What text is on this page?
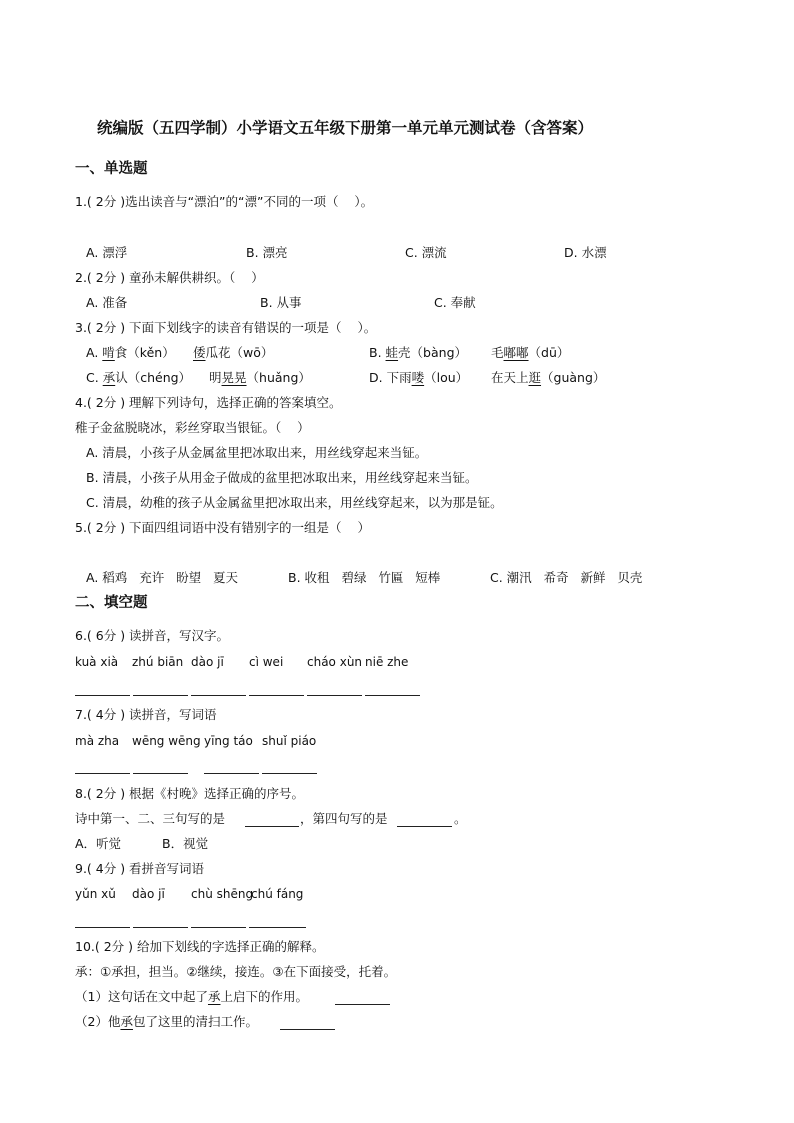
统编版（五四学制）小学语文五年级下册第一单元单元测试卷（含答案）
一、单选题
1.( 2分 )选出读音与“漂泊”的“漂”不同的一项（    ）。
A. 漂浮	B. 漂亮	C. 漂流	D. 水漂
2.( 2分 ) 童孙未解供耕织。（    ）
A. 准备	B. 从事	C. 奉献
3.( 2分 ) 下面下划线字的读音有错误的一项是（    ）。
A. 啃食（kěn） 倭瓜花（wō）	B. 蛙壳（bàng） 毛嘟嘟（dū）
C. 承认（chéng） 明晃晃（huǎng）	D. 下雨喽（lou） 在天上逛（guàng）
4.( 2分 ) 理解下列诗句，选择正确的答案填空。
稚子金盆脱晓冰，彩丝穿取当银钲。（    ）
A. 清晨，小孩子从金属盆里把冰取出来，用丝线穿起来当钲。
B. 清晨，小孩子从用金子做成的盆里把冰取出来，用丝线穿起来当钲。
C. 清晨，幼稚的孩子从金属盆里把冰取出来，用丝线穿起来，以为那是钲。
5.( 2分 ) 下面四组词语中没有错别字的一组是（    ）
A. 稻鸡   充许   盼望   夏天	B. 收租   碧绿   竹匾   短棒	C. 潮汛   希奇   新鲜   贝壳
二、填空题
6.( 6分 ) 读拼音，写汉字。
kuà xià zhú biān dào jī cì wei cháo xùn niē zhe
7.( 4分 ) 读拼音，写词语
mà zha wēng wēng yīng táo shuǐ piáo
8.( 2分 ) 根据《村晚》选择正确的序号。
诗中第一、二、三句写的是	，第四句写的是	。
A．听觉	B．视觉
9.( 4分 ) 看拼音写词语
yǔn xǔ dào jī chù shēng
chú fáng
10.( 2分 ) 给加下划线的字选择正确的解释。
承：①承担，担当。②继续，接连。③在下面接受，托着。
（1）这句话在文中起了承上启下的作用。
（2）他承包了这里的清扫工作。
